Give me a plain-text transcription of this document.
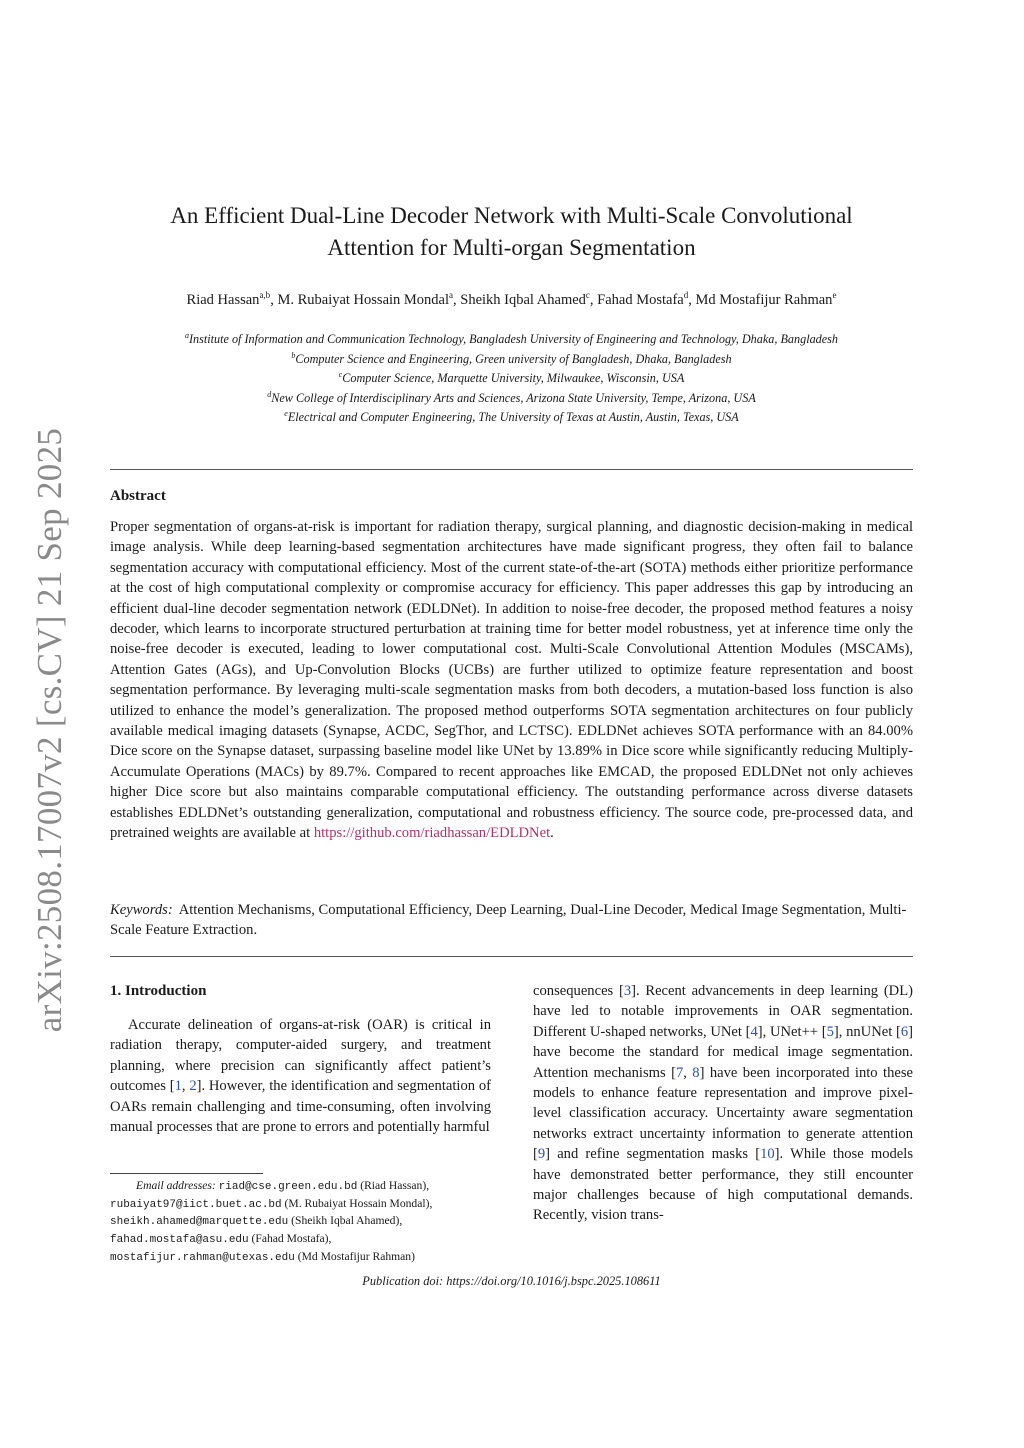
arXiv:2508.17007v2 [cs.CV] 21 Sep 2025
An Efficient Dual-Line Decoder Network with Multi-Scale Convolutional
Attention for Multi-organ Segmentation
Riad Hassan$^{a,b}$, M. Rubaiyat Hossain Mondal$^a$, Sheikh Iqbal Ahamed$^c$, Fahad Mostafa$^d$, Md Mostafijur Rahman$^e$
$^a$Institute of Information and Communication Technology, Bangladesh University of Engineering and Technology, Dhaka, Bangladesh
$^b$Computer Science and Engineering, Green university of Bangladesh, Dhaka, Bangladesh
$^c$Computer Science, Marquette University, Milwaukee, Wisconsin, USA
$^d$New College of Interdisciplinary Arts and Sciences, Arizona State University, Tempe, Arizona, USA
$^e$Electrical and Computer Engineering, The University of Texas at Austin, Austin, Texas, USA
Abstract
Proper segmentation of organs-at-risk is important for radiation therapy, surgical planning, and diagnostic decision-making in medical image analysis. While deep learning-based segmentation architectures have made significant progress, they often fail to balance segmentation accuracy with computational efficiency. Most of the current state-of-the-art (SOTA) methods either prioritize performance at the cost of high computational complexity or compromise accuracy for efficiency. This paper addresses this gap by introducing an efficient dual-line decoder segmentation network (EDLDNet). In addition to noise-free decoder, the proposed method features a noisy decoder, which learns to incorporate structured perturbation at training time for better model robustness, yet at inference time only the noise-free decoder is executed, leading to lower computational cost. Multi-Scale Convolutional Attention Modules (MSCAMs), Attention Gates (AGs), and Up-Convolution Blocks (UCBs) are further utilized to optimize feature representation and boost segmentation performance. By leveraging multi-scale segmentation masks from both decoders, a mutation-based loss function is also utilized to enhance the model’s generalization. The proposed method outperforms SOTA segmentation architectures on four publicly available medical imaging datasets (Synapse, ACDC, SegThor, and LCTSC). EDLDNet achieves SOTA performance with an 84.00% Dice score on the Synapse dataset, surpassing baseline model like UNet by 13.89% in Dice score while significantly reducing Multiply-Accumulate Operations (MACs) by 89.7%. Compared to recent approaches like EMCAD, the proposed EDLDNet not only achieves higher Dice score but also maintains comparable computational efficiency. The outstanding performance across diverse datasets establishes EDLDNet’s outstanding generalization, computational and robustness efficiency. The source code, pre-processed data, and pretrained weights are available at https://github.com/riadhassan/EDLDNet.
Keywords: Attention Mechanisms, Computational Efficiency, Deep Learning, Dual-Line Decoder, Medical Image Segmentation, Multi-Scale Feature Extraction.
1. Introduction
Accurate delineation of organs-at-risk (OAR) is critical in radiation therapy, computer-aided surgery, and treatment planning, where precision can significantly affect patient’s outcomes [1, 2]. However, the identification and segmentation of OARs remain challenging and time-consuming, often involving manual processes that are prone to errors and potentially harmful
consequences [3]. Recent advancements in deep learning (DL) have led to notable improvements in OAR segmentation. Different U-shaped networks, UNet [4], UNet++ [5], nnUNet [6] have become the standard for medical image segmentation. Attention mechanisms [7, 8] have been incorporated into these models to enhance feature representation and improve pixel-level classification accuracy. Uncertainty aware segmentation networks extract uncertainty information to generate attention [9] and refine segmentation masks [10]. While those models have demonstrated better performance, they still encounter major challenges because of high computational demands. Recently, vision trans-
Email addresses: riad@cse.green.edu.bd (Riad Hassan),
rubaiyat97@iict.buet.ac.bd (M. Rubaiyat Hossain Mondal),
sheikh.ahamed@marquette.edu (Sheikh Iqbal Ahamed),
fahad.mostafa@asu.edu (Fahad Mostafa),
mostafijur.rahman@utexas.edu (Md Mostafijur Rahman)
Publication doi: https://doi.org/10.1016/j.bspc.2025.108611
